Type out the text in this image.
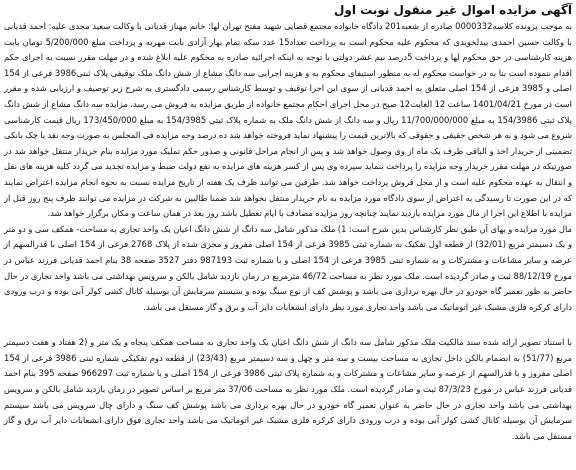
آگهی مزایده اموال غیر منقول نوبت اول

به موجب پرونده کلاسه0000332 صادره از شعبه201 دادگاه خانواده مجتمع قضایی شهید مفتح تهران لها: خانم مهناز قدیانی با وکالت سعید مجدی علیه: احمد قدیانی با وکالت حسین احمدی بیدلخویدی که محکوم علیه محکوم است به پرداخت تعداد15 عدد سکه تمام بهار آزادی بابت مهریه و پرداخت مبلغ 5/200/000 تومان بابت هزینه کارشناسی در حق محکوم لها و پرداخت 5درصد نیم عشر دولتی با توجه به اینکه اجرائیه صادره به محکوم علیه ابلاغ شده و در مهلت مقرر نسبت به اجرای حکم اقدام ننموده است بنا به در خواست محکوم له به منظور استیفای محکوم به و هزینه اجرایی سه دانگ مشاع از شش دانگ ملک توقیفی پلاک ثبتی3986 فرعی از 154 اصلی و 3985 فرعی از 154 اصلی متعلق به احمد قدیانی از سوی این اجرا توقیف و توسط کارشناس رسمی دادگستری به شرح زیر توصیف و ارزیابی شده و مقرر است در مورخ 1401/04/21 ساعت 12 الغایت12 صبح در محل اجرای احکام مجتمع خانواده از طریق مزایده به فروش می رسد، مزایده سه دانگ مشاع از شش دانگ پلاک ثبتی 154/3986 به مبلغ 11/700/000/000 ریال و سه دانگ از شش دانگ ملک به شماره پلاک ثبتی 154/3985 به مبلغ 173/450/000 ریال قیمت کارشناسی شروع می شود و به هر شخص حقیقی و حقوقی که بالاترین قیمت را پیشنهاد نماید فروخته خواهد شد ده درصد وجه مزایده فی المجلس به صورت وجه نقد یا چک بانکی تضمینی از خریدار اخذ و الباقی ظرف یک ماه از وی وصول خواهد شد و پس از انجام مراحل قانونی و صدور حکم تملیک مورد مزایده بنام خریدار منتقل خواهد شد در صورتیکه در مهلت مقرر خریدار وجه مزایده را پرداخت ننماید سپرده وی پس از کسر هزینه های مزایده به نفع دولت ضبط و مزایده تجدید می گردد کلیه هزینه های نقل و انتقال به عهده محکوم علیه است و از محل فروش پرداخت خواهد شد. طرفین می توانند ظرف یک هفته از تاریخ مزایده نسبت به نحوه انجام مزایده اعتراض نمایند که در این صورت تا رسیدگی به اعتراض از سوی دادگاه مورد مزایده به نام خریدار منتقل نخواهد شد ضمنا طالبین به شرکت در مزایده می توانند ظرف پنج روز قبل از مزایده با اطلاع این اجرا از مال مورد مزایده بازدید نمایند چنانچه روز مزایده مصادف با ایام تعطیل باشد روز بعد در همان ساعت و مکان برگزار خواهد شد.

مال مورد مزایده و بهای آن طبق نظر کارشناس بدین شرح است: 1) ملک مذکور شامل سه دانگ از شش دانگ اعیان یک واحد تجاری به مساحت- همکف سی و دو متر و یک دسیمتر مربع (32/01) از قطعه اول تفکیک به شماره ثبتی 3985 فرعی از 154 اصلی مفروز و مجزی شده از پلاک 2768 فرعی از 154 اصلی با قدرالسهم از عرصه و سایر مشاعات و مشترکات و به شماره ثبتی 3985 فرعی از 154 اصلی و با شماره ثبت 987193 دفتر 3527 صفحه 38 بنام احمد قدیانی فرزند عباس در مورخ 88/12/19 ثبت و صادر گردیده است. ملک مورد نظر به مساحت 46/72 مترمربع در زمان بازدید شامل بالکن و سرویس بهداشتی می باشد واحد تجاری در حال حاضر به طور تعمیر گاه خودرو در حال بهره برداری می باشد و پوشش کف از نوع سنگ بوده و سیستم سرمایش آن بوسیله کانال کشی کولر آبی بوده و درب ورودی دارای کرکره فلزی مشبک غیر اتوماتیک می باشد واحد تجاری مورد نظر دارای انشعابات دایر آب و برق و گاز مستقل می باشد.

با استناد تصویر ارائه شده سند مالکیت ملک مذکور شامل سه دانگ از شش دانگ اعیان یک واحد تجاری به مساحت همکف پنجاه و یک متر و (2 هفتاد و هفت دسیمتر مربع (51/77) به انضمام بالکن داخل تجاری به مساحت بیست و سه متر و چهل و سه دسیمتر مربع (23/43) از قطعه دوم تفکیکی شماره ثبتی 3986 فرعی از 154 اصلی مفروز و با قدرالسهم از عرصه و سایر مشاعات و مشترکات و به شماره پلاک ثبتی 3986 فرعی از 154 اصلی و با شماره ثبت 966297 صفحه 395 بنام احمد قدیانی فرزند عباس در مورخ 87/3/23 ثبت و صادر گردیده است. ملک مورد نظر به مساحت 37/06 متر مربع بر اساس تصویر در زمان بازدید شامل بالکن و سرویس بهداشتی می باشد واحد تجاری در حال حاضر به عنوان تعمیر گاه خودرو در حال بهره برداری می باشد پوشش کف سنگ و دارای چال سرویس می باشد سیستم سرمایش آن بوسیله کانال کشی کولر آبی بوده و درب ورودی دارای کرکره فلزی مشبک غیر اتوماتیک می باشد واحد تجاری فوق دارای انشعابات دایر آب برق و گاز مستقل می باشد.
